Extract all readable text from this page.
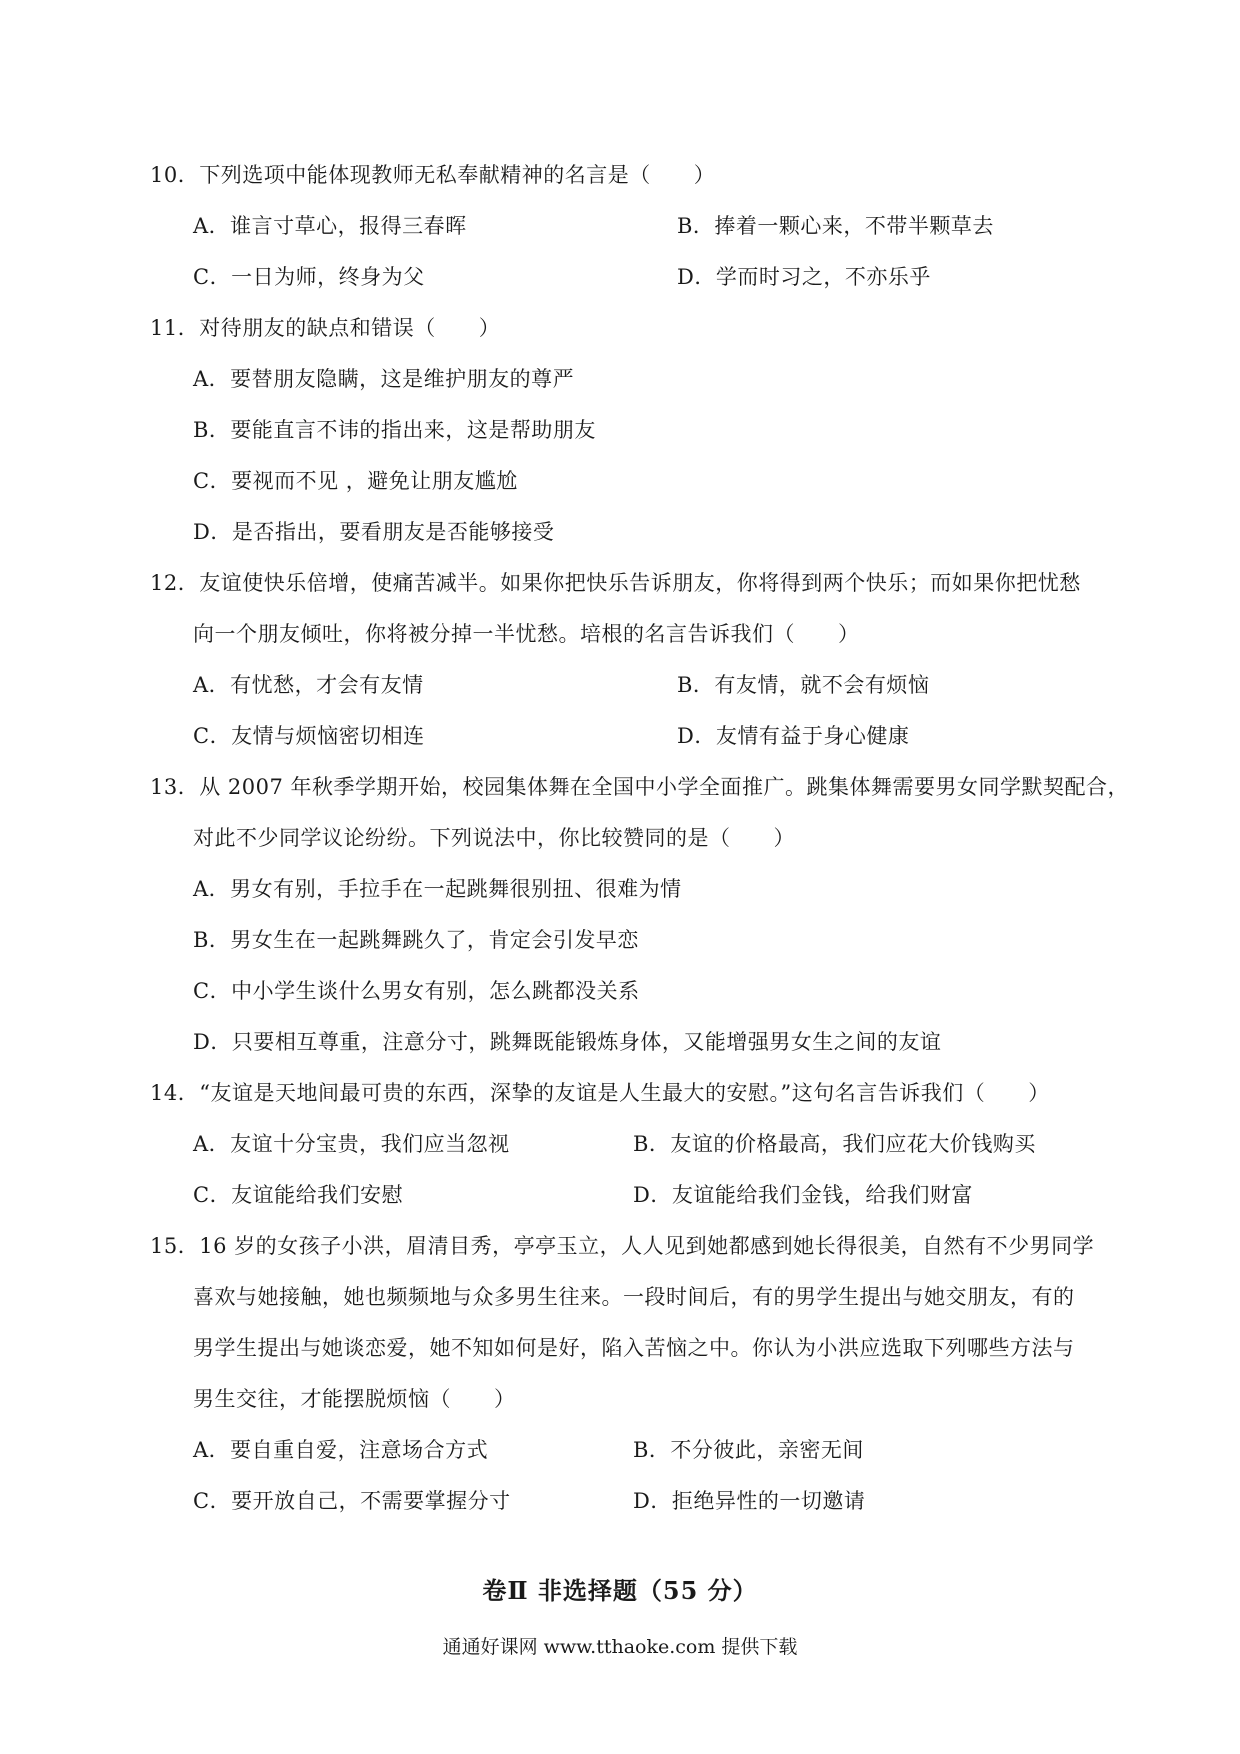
10．下列选项中能体现教师无私奉献精神的名言是（　　）
A．谁言寸草心，报得三春晖	B．捧着一颗心来，不带半颗草去
C．一日为师，终身为父	D．学而时习之，不亦乐乎
11．对待朋友的缺点和错误（　　）
A．要替朋友隐瞒，这是维护朋友的尊严
B．要能直言不讳的指出来，这是帮助朋友
C．要视而不见 ，避免让朋友尴尬
D．是否指出，要看朋友是否能够接受
12．友谊使快乐倍增，使痛苦减半。如果你把快乐告诉朋友，你将得到两个快乐；而如果你把忧愁
向一个朋友倾吐，你将被分掉一半忧愁。培根的名言告诉我们（　　）
A．有忧愁，才会有友情	B．有友情，就不会有烦恼
C．友情与烦恼密切相连	D．友情有益于身心健康
13．从 2007 年秋季学期开始，校园集体舞在全国中小学全面推广。跳集体舞需要男女同学默契配合，
对此不少同学议论纷纷。下列说法中，你比较赞同的是（　　）
A．男女有别，手拉手在一起跳舞很别扭、很难为情
B．男女生在一起跳舞跳久了，肯定会引发早恋
C．中小学生谈什么男女有别，怎么跳都没关系
D．只要相互尊重，注意分寸，跳舞既能锻炼身体，又能增强男女生之间的友谊
14．“友谊是天地间最可贵的东西，深挚的友谊是人生最大的安慰。”这句名言告诉我们（　　）
A．友谊十分宝贵，我们应当忽视	B．友谊的价格最高，我们应花大价钱购买
C．友谊能给我们安慰	D．友谊能给我们金钱，给我们财富
15．16 岁的女孩子小洪，眉清目秀，亭亭玉立，人人见到她都感到她长得很美，自然有不少男同学
喜欢与她接触，她也频频地与众多男生往来。一段时间后，有的男学生提出与她交朋友，有的
男学生提出与她谈恋爱，她不知如何是好，陷入苦恼之中。你认为小洪应选取下列哪些方法与
男生交往，才能摆脱烦恼（　　）
A．要自重自爱，注意场合方式	B．不分彼此，亲密无间
C．要开放自己，不需要掌握分寸	D．拒绝异性的一切邀请
卷Ⅱ 非选择题（55 分）
通通好课网 www.tthaoke.com 提供下载
